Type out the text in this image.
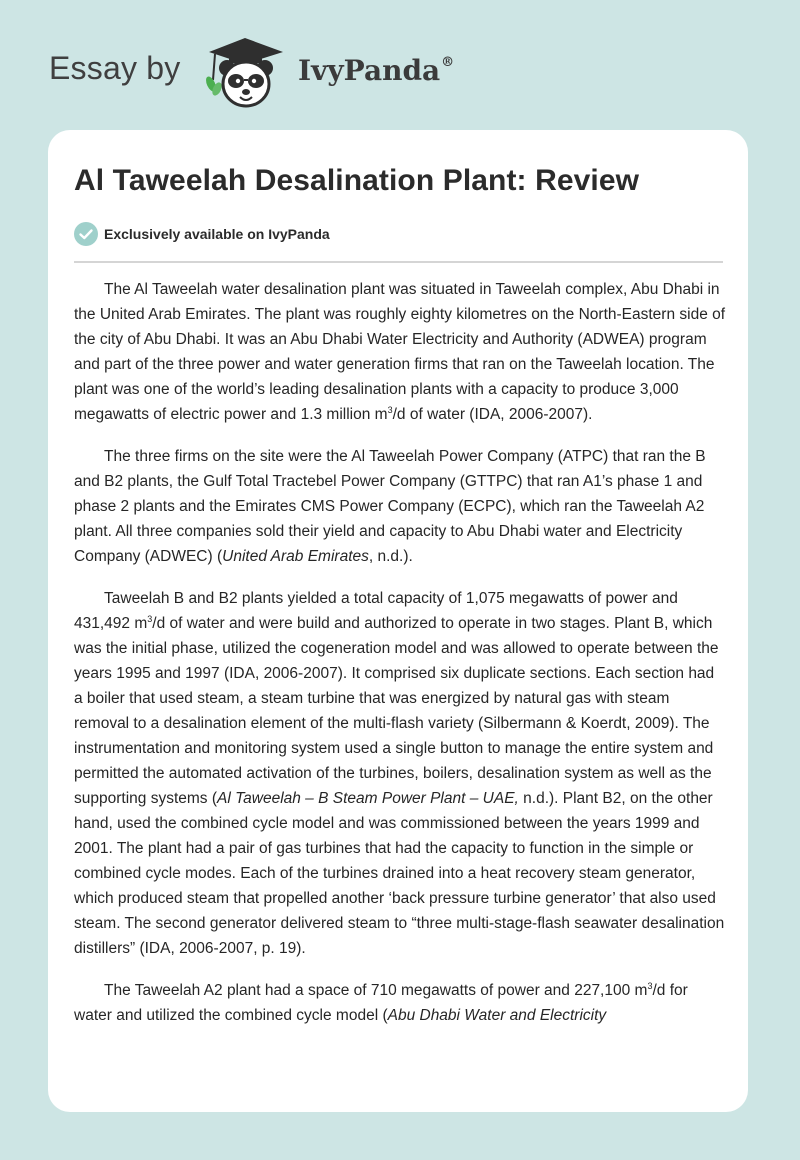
Essay by	IvyPanda®
Al Taweelah Desalination Plant: Review
Exclusively available on IvyPanda

The Al Taweelah water desalination plant was situated in Taweelah complex, Abu Dhabi in the United Arab Emirates. The plant was roughly eighty kilometres on the North-Eastern side of the city of Abu Dhabi. It was an Abu Dhabi Water Electricity and Authority (ADWEA) program and part of the three power and water generation firms that ran on the Taweelah location. The plant was one of the world’s leading desalination plants with a capacity to produce 3,000 megawatts of electric power and 1.3 million $m^3/d$ of water (IDA, 2006-2007).

The three firms on the site were the Al Taweelah Power Company (ATPC) that ran the B and B2 plants, the Gulf Total Tractebel Power Company (GTTPC) that ran A1’s phase 1 and phase 2 plants and the Emirates CMS Power Company (ECPC), which ran the Taweelah A2 plant. All three companies sold their yield and capacity to Abu Dhabi water and Electricity Company (ADWEC) (United Arab Emirates, n.d.).

Taweelah B and B2 plants yielded a total capacity of 1,075 megawatts of power and 431,492 $m^3/d$ of water and were build and authorized to operate in two stages. Plant B, which was the initial phase, utilized the cogeneration model and was allowed to operate between the years 1995 and 1997 (IDA, 2006-2007). It comprised six duplicate sections. Each section had a boiler that used steam, a steam turbine that was energized by natural gas with steam removal to a desalination element of the multi-flash variety (Silbermann & Koerdt, 2009). The instrumentation and monitoring system used a single button to manage the entire system and permitted the automated activation of the turbines, boilers, desalination system as well as the supporting systems (Al Taweelah – B Steam Power Plant – UAE, n.d.). Plant B2, on the other hand, used the combined cycle model and was commissioned between the years 1999 and 2001. The plant had a pair of gas turbines that had the capacity to function in the simple or combined cycle modes. Each of the turbines drained into a heat recovery steam generator, which produced steam that propelled another ‘back pressure turbine generator’ that also used steam. The second generator delivered steam to “three multi-stage-flash seawater desalination distillers” (IDA, 2006-2007, p. 19).

The Taweelah A2 plant had a space of 710 megawatts of power and 227,100 $m^3/d$ for water and utilized the combined cycle model (Abu Dhabi Water and Electricity
